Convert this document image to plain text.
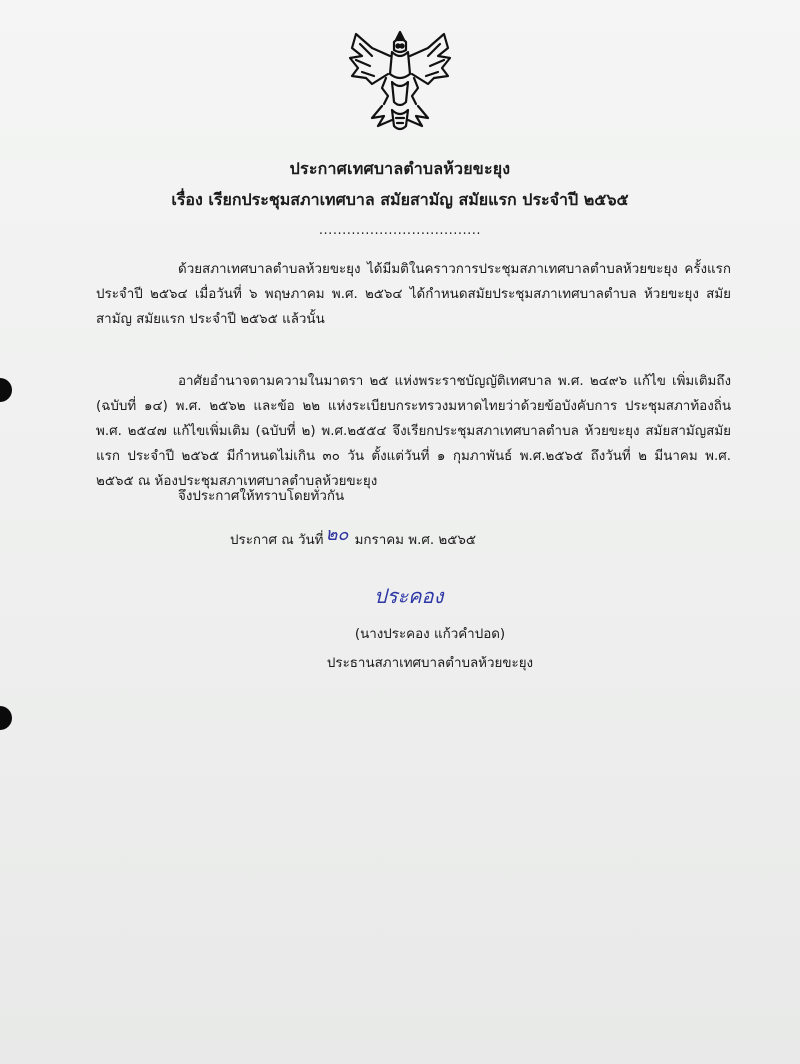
ประกาศเทศบาลตำบลห้วยขะยุง
เรื่อง เรียกประชุมสภาเทศบาล สมัยสามัญ สมัยแรก ประจำปี ๒๕๖๕
...................................

ด้วยสภาเทศบาลตำบลห้วยขะยุง ได้มีมติในคราวการประชุมสภาเทศบาลตำบลห้วยขะยุง ครั้งแรก ประจำปี ๒๕๖๔ เมื่อวันที่ ๖ พฤษภาคม พ.ศ. ๒๕๖๔ ได้กำหนดสมัยประชุมสภาเทศบาลตำบล ห้วยขะยุง สมัยสามัญ สมัยแรก ประจำปี ๒๕๖๕ แล้วนั้น

อาศัยอำนาจตามความในมาตรา ๒๕ แห่งพระราชบัญญัติเทศบาล พ.ศ. ๒๔๙๖ แก้ไข เพิ่มเติมถึง (ฉบับที่ ๑๔) พ.ศ. ๒๕๖๒ และข้อ ๒๒ แห่งระเบียบกระทรวงมหาดไทยว่าด้วยข้อบังคับการ ประชุมสภาท้องถิ่น พ.ศ. ๒๕๔๗ แก้ไขเพิ่มเติม (ฉบับที่ ๒) พ.ศ.๒๕๕๔ จึงเรียกประชุมสภาเทศบาลตำบล ห้วยขะยุง สมัยสามัญสมัยแรก ประจำปี ๒๕๖๕ มีกำหนดไม่เกิน ๓๐ วัน ตั้งแต่วันที่ ๑ กุมภาพันธ์ พ.ศ.๒๕๖๕ ถึงวันที่ ๒ มีนาคม พ.ศ. ๒๕๖๕ ณ ห้องประชุมสภาเทศบาลตำบลห้วยขะยุง

จึงประกาศให้ทราบโดยทั่วกัน
ประกาศ ณ วันที่ ๒๐ มกราคม พ.ศ. ๒๕๖๕
ประคอง
(นางประคอง แก้วคำปอด)
ประธานสภาเทศบาลตำบลห้วยขะยุง
